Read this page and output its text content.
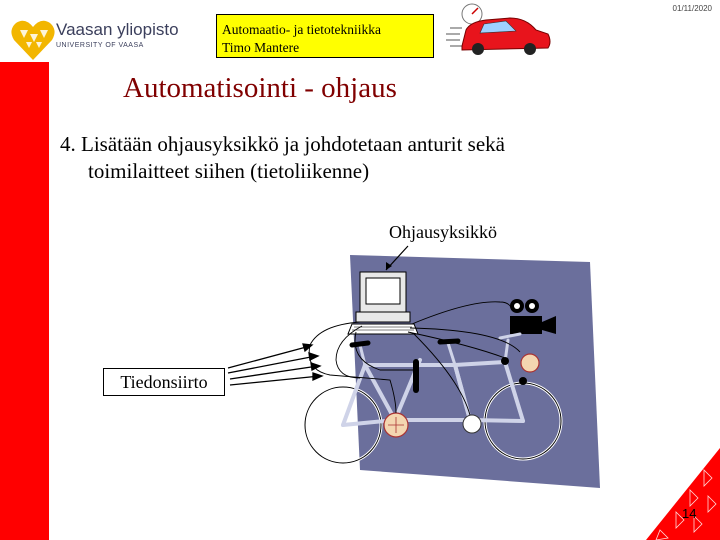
Vaasan yliopisto
UNIVERSITY OF VAASA
Automaatio- ja tietotekniikka
Timo Mantere
01/11/2020
Automatisointi - ohjaus
4. Lisätään ohjausyksikkö ja johdotetaan anturit sekä
toimilaitteet siihen (tietoliikenne)
Ohjausyksikkö
Tiedonsiirto
14
